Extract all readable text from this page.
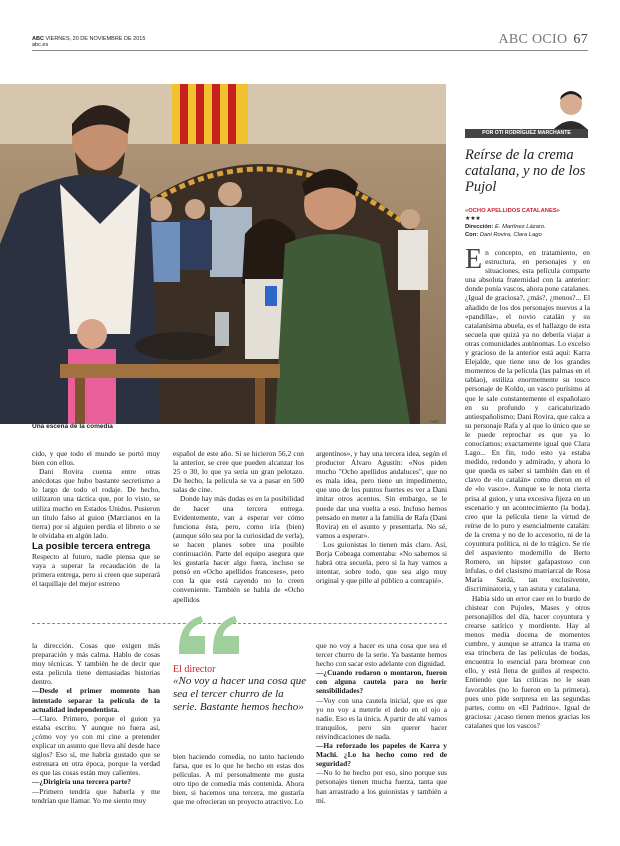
ABC VIERNES, 20 DE NOVIEMBRE DE 2015
abc.es	ABC OCIO 67
Una escena de la comedia
ABC
POR OTI RODRÍGUEZ MARCHANTE
Reírse de la crema catalana, y no de los Pujol
«OCHO APELLIDOS CATALANES»
★★★
Dirección: E. Martínez Lázaro.
Con: Dani Rovira, Clara Lago

En concepto, en tratamiento, en estructura, en personajes y en situaciones, esta película comparte una absoluta fraternidad con la anterior: donde ponía vascos, ahora pone catalanes. ¿Igual de graciosa?, ¿más?, ¿menos?... El añadido de los dos personajes nuevos a la «pandilla», el novio catalán y su catalanísima abuela, es el hallazgo de esta secuela que quizá ya no debería viajar a otras comunidades autónomas. Lo excelso y gracioso de la anterior está aquí: Karra Elejalde, que tiene uno de los grandes momentos de la película (las palmas en el tablao), estiliza enormemente su tosco personaje de Koldo, un vasco purísimo al que le sale constantemente el españolazo en su profundo y caricaturizado antiespañolismo; Dani Rovira, que calca a su personaje Rafa y al que lo único que se le puede reprochar es que ya lo conocíamos; exactamente igual que Clara Lago... En fin, todo esto ya estaba medido, redondo y admirado, y ahora lo que queda es saber si también dan en el clavo de «lo catalán» como dieron en el de «lo vasco». Aunque se le nota cierta prisa al guion, y una excesiva fijeza en un escenario y un acontecimiento (la boda), creo que la película tiene la virtud de reírse de lo puro y esencialmente catalán: de la crema y no de lo accesorio, ni de la coyuntura política, ni de lo trágico. Se ríe del aspaviento modernillo de Berto Romero, un hipster gafapastoso con ínfulas, o del clasismo matriarcal de Rosa María Sardá, tan exclusivente, discriminatoria, y tan astuta y catalana.

Había sido un error caer en lo burdo de chistear con Pujoles, Mases y otros personajillos del día, hacer coyuntura y crearse satírico y mordiente. Hay al menos media docena de momentos cumbre, y aunque se atranca la trama en esa trinchera de las películas de bodas, encuentra lo esencial para bromear con ello, y está llena de guiños al respecto. Entiendo que las críticas no le sean favorables (no lo fueron en la primera), pues uno pide sorpresa en las segundas partes, como en «El Padrino». Igual de graciosa: ¿acaso tienen menos gracias los catalanes que los vascos?

cido, y que todo el mundo se portó muy bien con ellos.

Dani Rovira cuenta entre otras anécdotas que hubo bastante secretismo a lo largo de todo el rodaje. De hecho, utilizaron una táctica que, por lo visto, se utiliza mucho en Estados Unidos. Pusieron un título falso al guion (Marcianos en la tierra) por si alguien perdía el libreto o se le olvidaba en algún lado.

La posible tercera entrega

Respecto al futuro, nadie piensa que se vaya a superar la recaudación de la primera entrega, pero si creen que superará el taquillaje del mejor estreno

español de este año. Si se hicieron 56,2 con la anterior, se cree que pueden alcanzar los 25 o 30, lo que ya sería un gran pelotazo. De hecho, la película se va a pasar en 500 salas de cine.

Donde hay más dudas es en la posibilidad de hacer una tercera entrega. Evidentemente, van a esperar ver cómo funciona ésta, pero, como iría (bien) (aunque sólo sea por la curiosidad de verla), se hacen planes sobre una posible continuación. Parte del equipo asegura que les gustaría hacer algo fuera, incluso se pensó en «Ocho apellidos franceses», pero con la que está cayendo no lo creen conveniente. También se habla de «Ocho apellidos

argentinos», y hay una tercera idea, según el productor Álvaro Agustín: «Nos piden mucho "Ocho apellidos andaluces", que no es mala idea, pero tiene un impedimento, que uno de los puntos fuertes es ver a Dani imitar otros acentos. Sin embargo, se le puede dar una vuelta a eso. Incluso hemos pensado en meter a la familia de Rafa (Dani Rovira) en el asunto y presentarla. No sé, vamos a esperar».

Los guionistas lo tienen más claro. Así, Borja Cobeaga comentaba: «No sabemos si habrá otra secuela, pero si la hay vamos a intentar, sobre todo, que sea algo muy original y que pille al público a contrapié».

la dirección. Cosas que exigen más preparación y más calma. Hablo de cosas muy técnicas. Y también he de decir que esta película tiene demasiadas historias dentro.

—Desde el primer momento han intentado separar la película de la actualidad independentista.

—Claro. Primero, porque el guion ya estaba escrito. Y aunque no fuera así, ¿cómo voy yo con mi cine a pretender explicar un asunto que lleva ahí desde hace siglos? Eso sí, me habría gustado que se estrenara en otra época, porque la verdad es que las cosas están muy calientes.

—¿Dirigiría una tercera parte?

—Primero tendría que haberla y me tendrían que llamar. Yo me siento muy

El director
«No voy a hacer una cosa que sea el tercer churro de la serie. Bastante hemos hecho»

bien haciendo comedia, no tanto haciendo farsa, que es lo que he hecho en estas dos películas. A mí personalmente me gusta otro tipo de comedia más contenida. Ahora bien, si hacemos una tercera, me gustaría que me ofrecieran un proyecto atractivo. Lo

que no voy a hacer es una cosa que sea el tercer churro de la serie. Ya bastante hemos hecho con sacar esto adelante con dignidad.

—¿Cuando rodaron o montaron, fueron con alguna cautela para no herir sensibilidades?

—Voy con una cautela inicial, que es que yo no voy a meterle el dedo en el ojo a nadie. Eso es la única. A partir de ahí vamos tranquilos, pero sin querer hacer reivindicaciones de nada.

—Ha reforzado los papeles de Karra y Machi. ¿Lo ha hecho como red de seguridad?

—No lo he hecho por eso, sino porque sus personajes tienen mucha fuerza, tanta que han arrastrado a los guionistas y también a mí.
